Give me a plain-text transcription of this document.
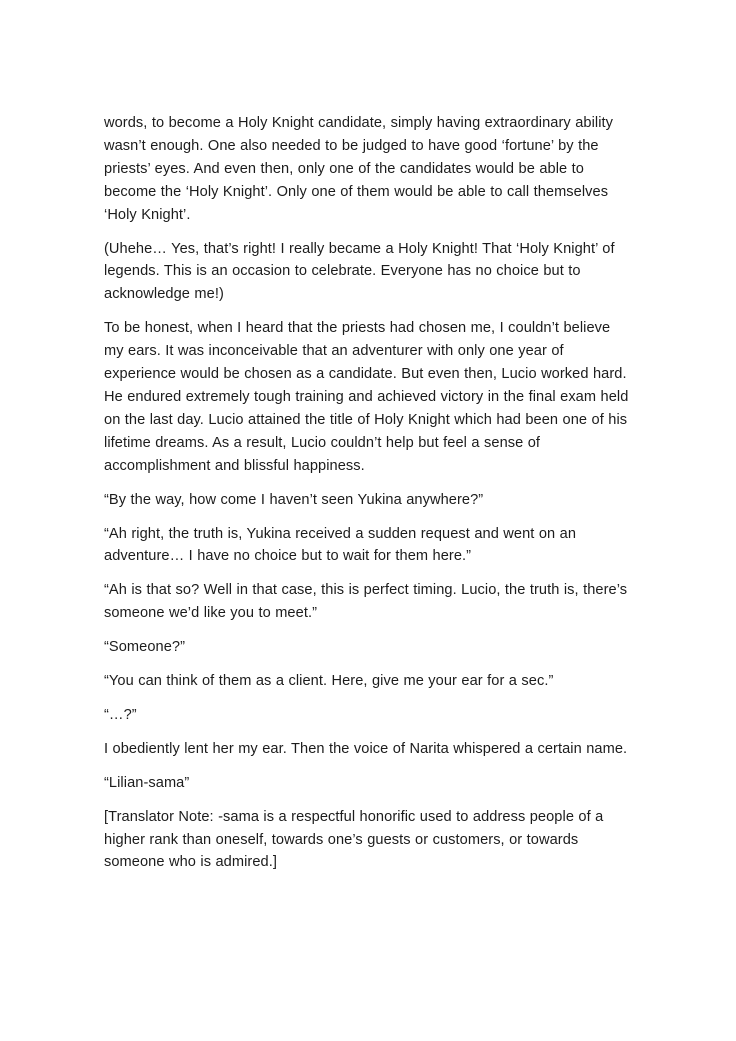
words, to become a Holy Knight candidate, simply having extraordinary ability wasn’t enough. One also needed to be judged to have good ‘fortune’ by the priests’ eyes. And even then, only one of the candidates would be able to become the ‘Holy Knight’. Only one of them would be able to call themselves ‘Holy Knight’.

(Uhehe… Yes, that’s right! I really became a Holy Knight! That ‘Holy Knight’ of legends. This is an occasion to celebrate. Everyone has no choice but to acknowledge me!)

To be honest, when I heard that the priests had chosen me, I couldn’t believe my ears. It was inconceivable that an adventurer with only one year of experience would be chosen as a candidate. But even then, Lucio worked hard. He endured extremely tough training and achieved victory in the final exam held on the last day. Lucio attained the title of Holy Knight which had been one of his lifetime dreams. As a result, Lucio couldn’t help but feel a sense of accomplishment and blissful happiness.

“By the way, how come I haven’t seen Yukina anywhere?”

“Ah right, the truth is, Yukina received a sudden request and went on an adventure… I have no choice but to wait for them here.”

“Ah is that so? Well in that case, this is perfect timing. Lucio, the truth is, there’s someone we’d like you to meet.”

“Someone?”

“You can think of them as a client. Here, give me your ear for a sec.”

“…?”

I obediently lent her my ear. Then the voice of Narita whispered a certain name.

“Lilian-sama”

[Translator Note: -sama is a respectful honorific used to address people of a higher rank than oneself, towards one’s guests or customers, or towards someone who is admired.]
